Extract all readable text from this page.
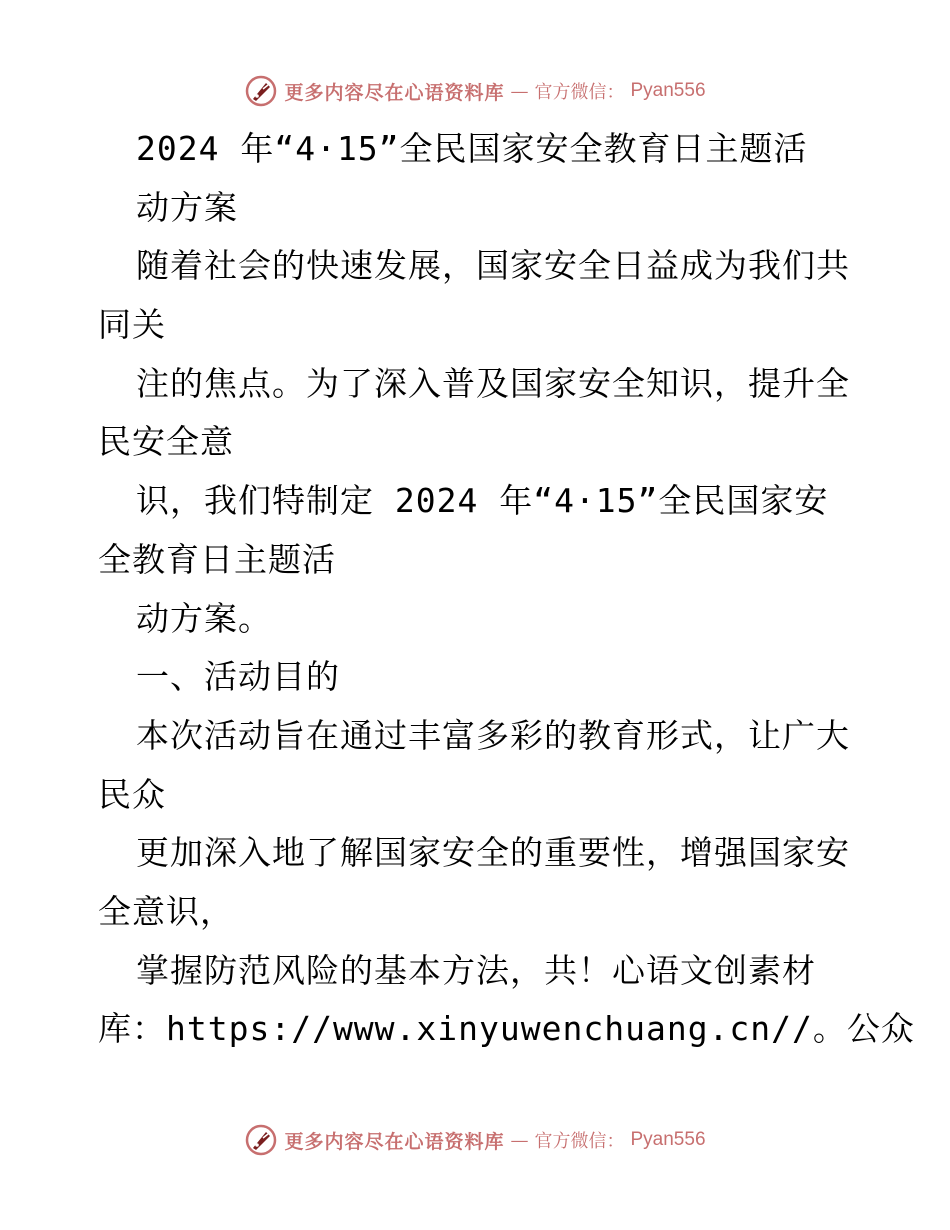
更多内容尽在心语资料库 — 官方微信： Pyan556
2024 年“4·15”全民国家安全教育日主题活
动方案
随着社会的快速发展，国家安全日益成为我们共
同关
注的焦点。为了深入普及国家安全知识，提升全
民安全意
识，我们特制定 2024 年“4·15”全民国家安
全教育日主题活
动方案。
一、活动目的
本次活动旨在通过丰富多彩的教育形式，让广大
民众
更加深入地了解国家安全的重要性，增强国家安
全意识，
掌握防范风险的基本方法，共！心语文创素材
库：https://www.xinyuwenchuang.cn//。公众
更多内容尽在心语资料库 — 官方微信： Pyan556
